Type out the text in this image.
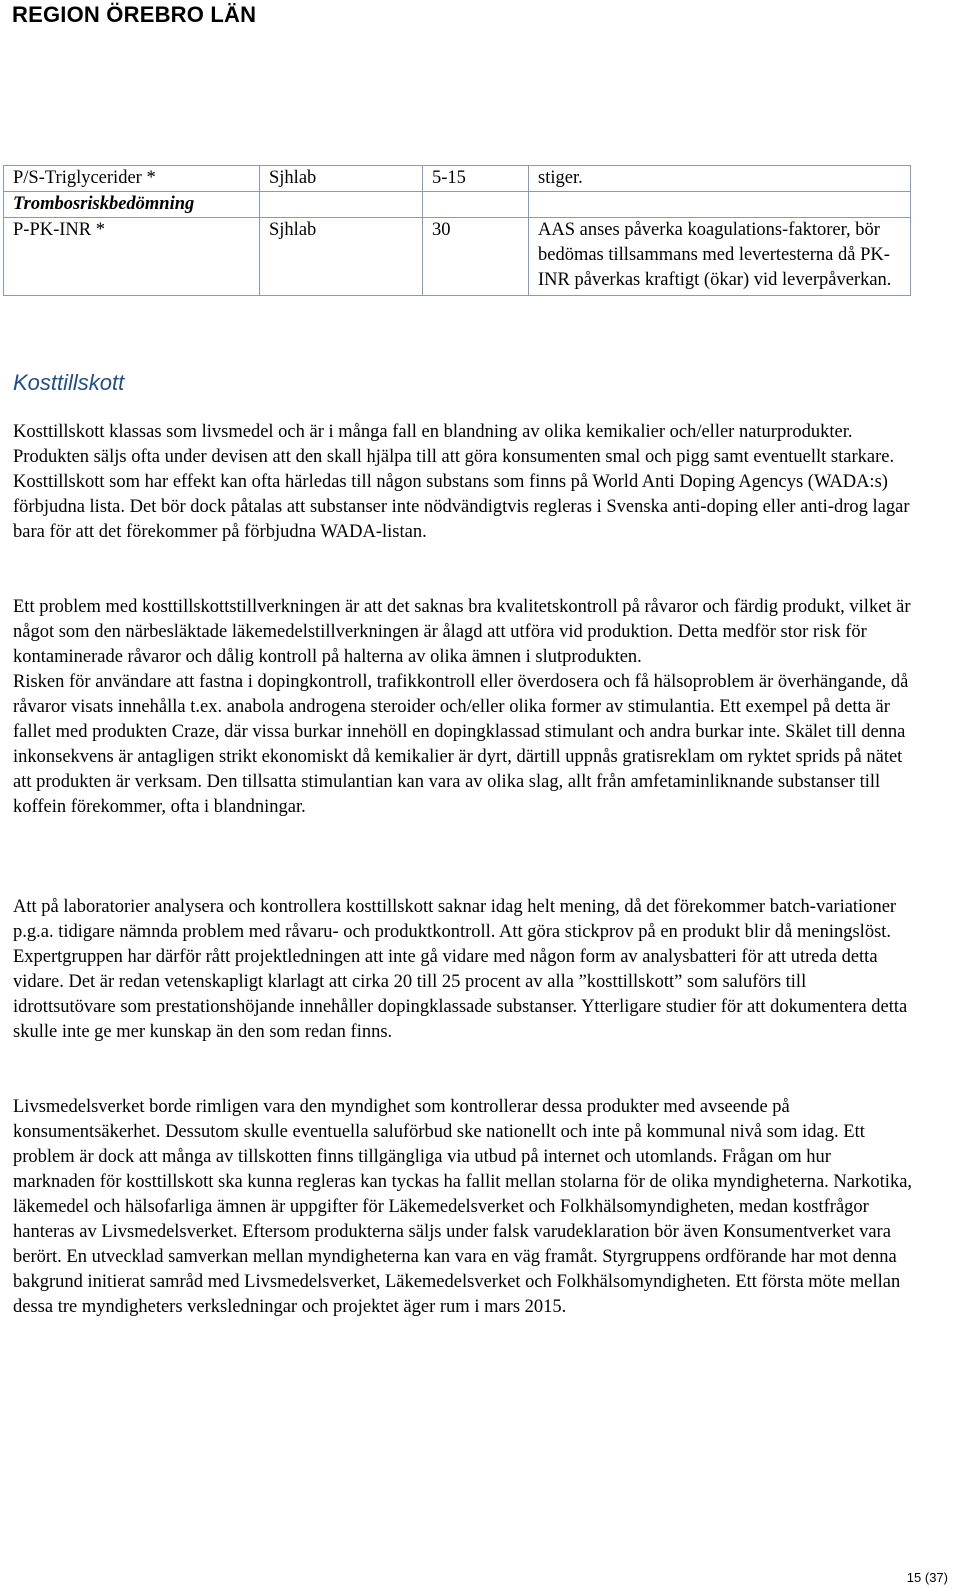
REGION ÖREBRO LÄN
P/S-Triglycerider *	Sjhlab	5-15	stiger.
Trombosriskbedömning			
P-PK-INR *	Sjhlab	30	AAS anses påverka koagulations-faktorer, bör bedömas tillsammans med levertesterna då PK-INR påverkas kraftigt (ökar) vid leverpåverkan.
Kosttillskott

Kosttillskott klassas som livsmedel och är i många fall en blandning av olika kemikalier och/eller naturprodukter. Produkten säljs ofta under devisen att den skall hjälpa till att göra konsumenten smal och pigg samt eventuellt starkare. Kosttillskott som har effekt kan ofta härledas till någon substans som finns på World Anti Doping Agencys (WADA:s) förbjudna lista. Det bör dock påtalas att substanser inte nödvändigtvis regleras i Svenska anti-doping eller anti-drog lagar bara för att det förekommer på förbjudna WADA-listan.

Ett problem med kosttillskottstillverkningen är att det saknas bra kvalitetskontroll på råvaror och färdig produkt, vilket är något som den närbesläktade läkemedelstillverkningen är ålagd att utföra vid produktion. Detta medför stor risk för kontaminerade råvaror och dålig kontroll på halterna av olika ämnen i slutprodukten.

Risken för användare att fastna i dopingkontroll, trafikkontroll eller överdosera och få hälsoproblem är överhängande, då råvaror visats innehålla t.ex. anabola androgena steroider och/eller olika former av stimulantia. Ett exempel på detta är fallet med produkten Craze, där vissa burkar innehöll en dopingklassad stimulant och andra burkar inte. Skälet till denna inkonsekvens är antagligen strikt ekonomiskt då kemikalier är dyrt, därtill uppnås gratisreklam om ryktet sprids på nätet att produkten är verksam. Den tillsatta stimulantian kan vara av olika slag, allt från amfetaminliknande substanser till koffein förekommer, ofta i blandningar.

Att på laboratorier analysera och kontrollera kosttillskott saknar idag helt mening, då det förekommer batch-variationer p.g.a. tidigare nämnda problem med råvaru- och produktkontroll. Att göra stickprov på en produkt blir då meningslöst. Expertgruppen har därför rått projektledningen att inte gå vidare med någon form av analysbatteri för att utreda detta vidare. Det är redan vetenskapligt klarlagt att cirka 20 till 25 procent av alla ”kosttillskott” som saluförs till idrottsutövare som prestationshöjande innehåller dopingklassade substanser. Ytterligare studier för att dokumentera detta skulle inte ge mer kunskap än den som redan finns.

Livsmedelsverket borde rimligen vara den myndighet som kontrollerar dessa produkter med avseende på konsumentsäkerhet. Dessutom skulle eventuella saluförbud ske nationellt och inte på kommunal nivå som idag. Ett problem är dock att många av tillskotten finns tillgängliga via utbud på internet och utomlands. Frågan om hur marknaden för kosttillskott ska kunna regleras kan tyckas ha fallit mellan stolarna för de olika myndigheterna. Narkotika, läkemedel och hälsofarliga ämnen är uppgifter för Läkemedelsverket och Folkhälsomyndigheten, medan kostfrågor hanteras av Livsmedelsverket. Eftersom produkterna säljs under falsk varudeklaration bör även Konsumentverket vara berört. En utvecklad samverkan mellan myndigheterna kan vara en väg framåt. Styrgruppens ordförande har mot denna bakgrund initierat samråd med Livsmedelsverket, Läkemedelsverket och Folkhälsomyndigheten. Ett första möte mellan dessa tre myndigheters verksledningar och projektet äger rum i mars 2015.

15 (37)
